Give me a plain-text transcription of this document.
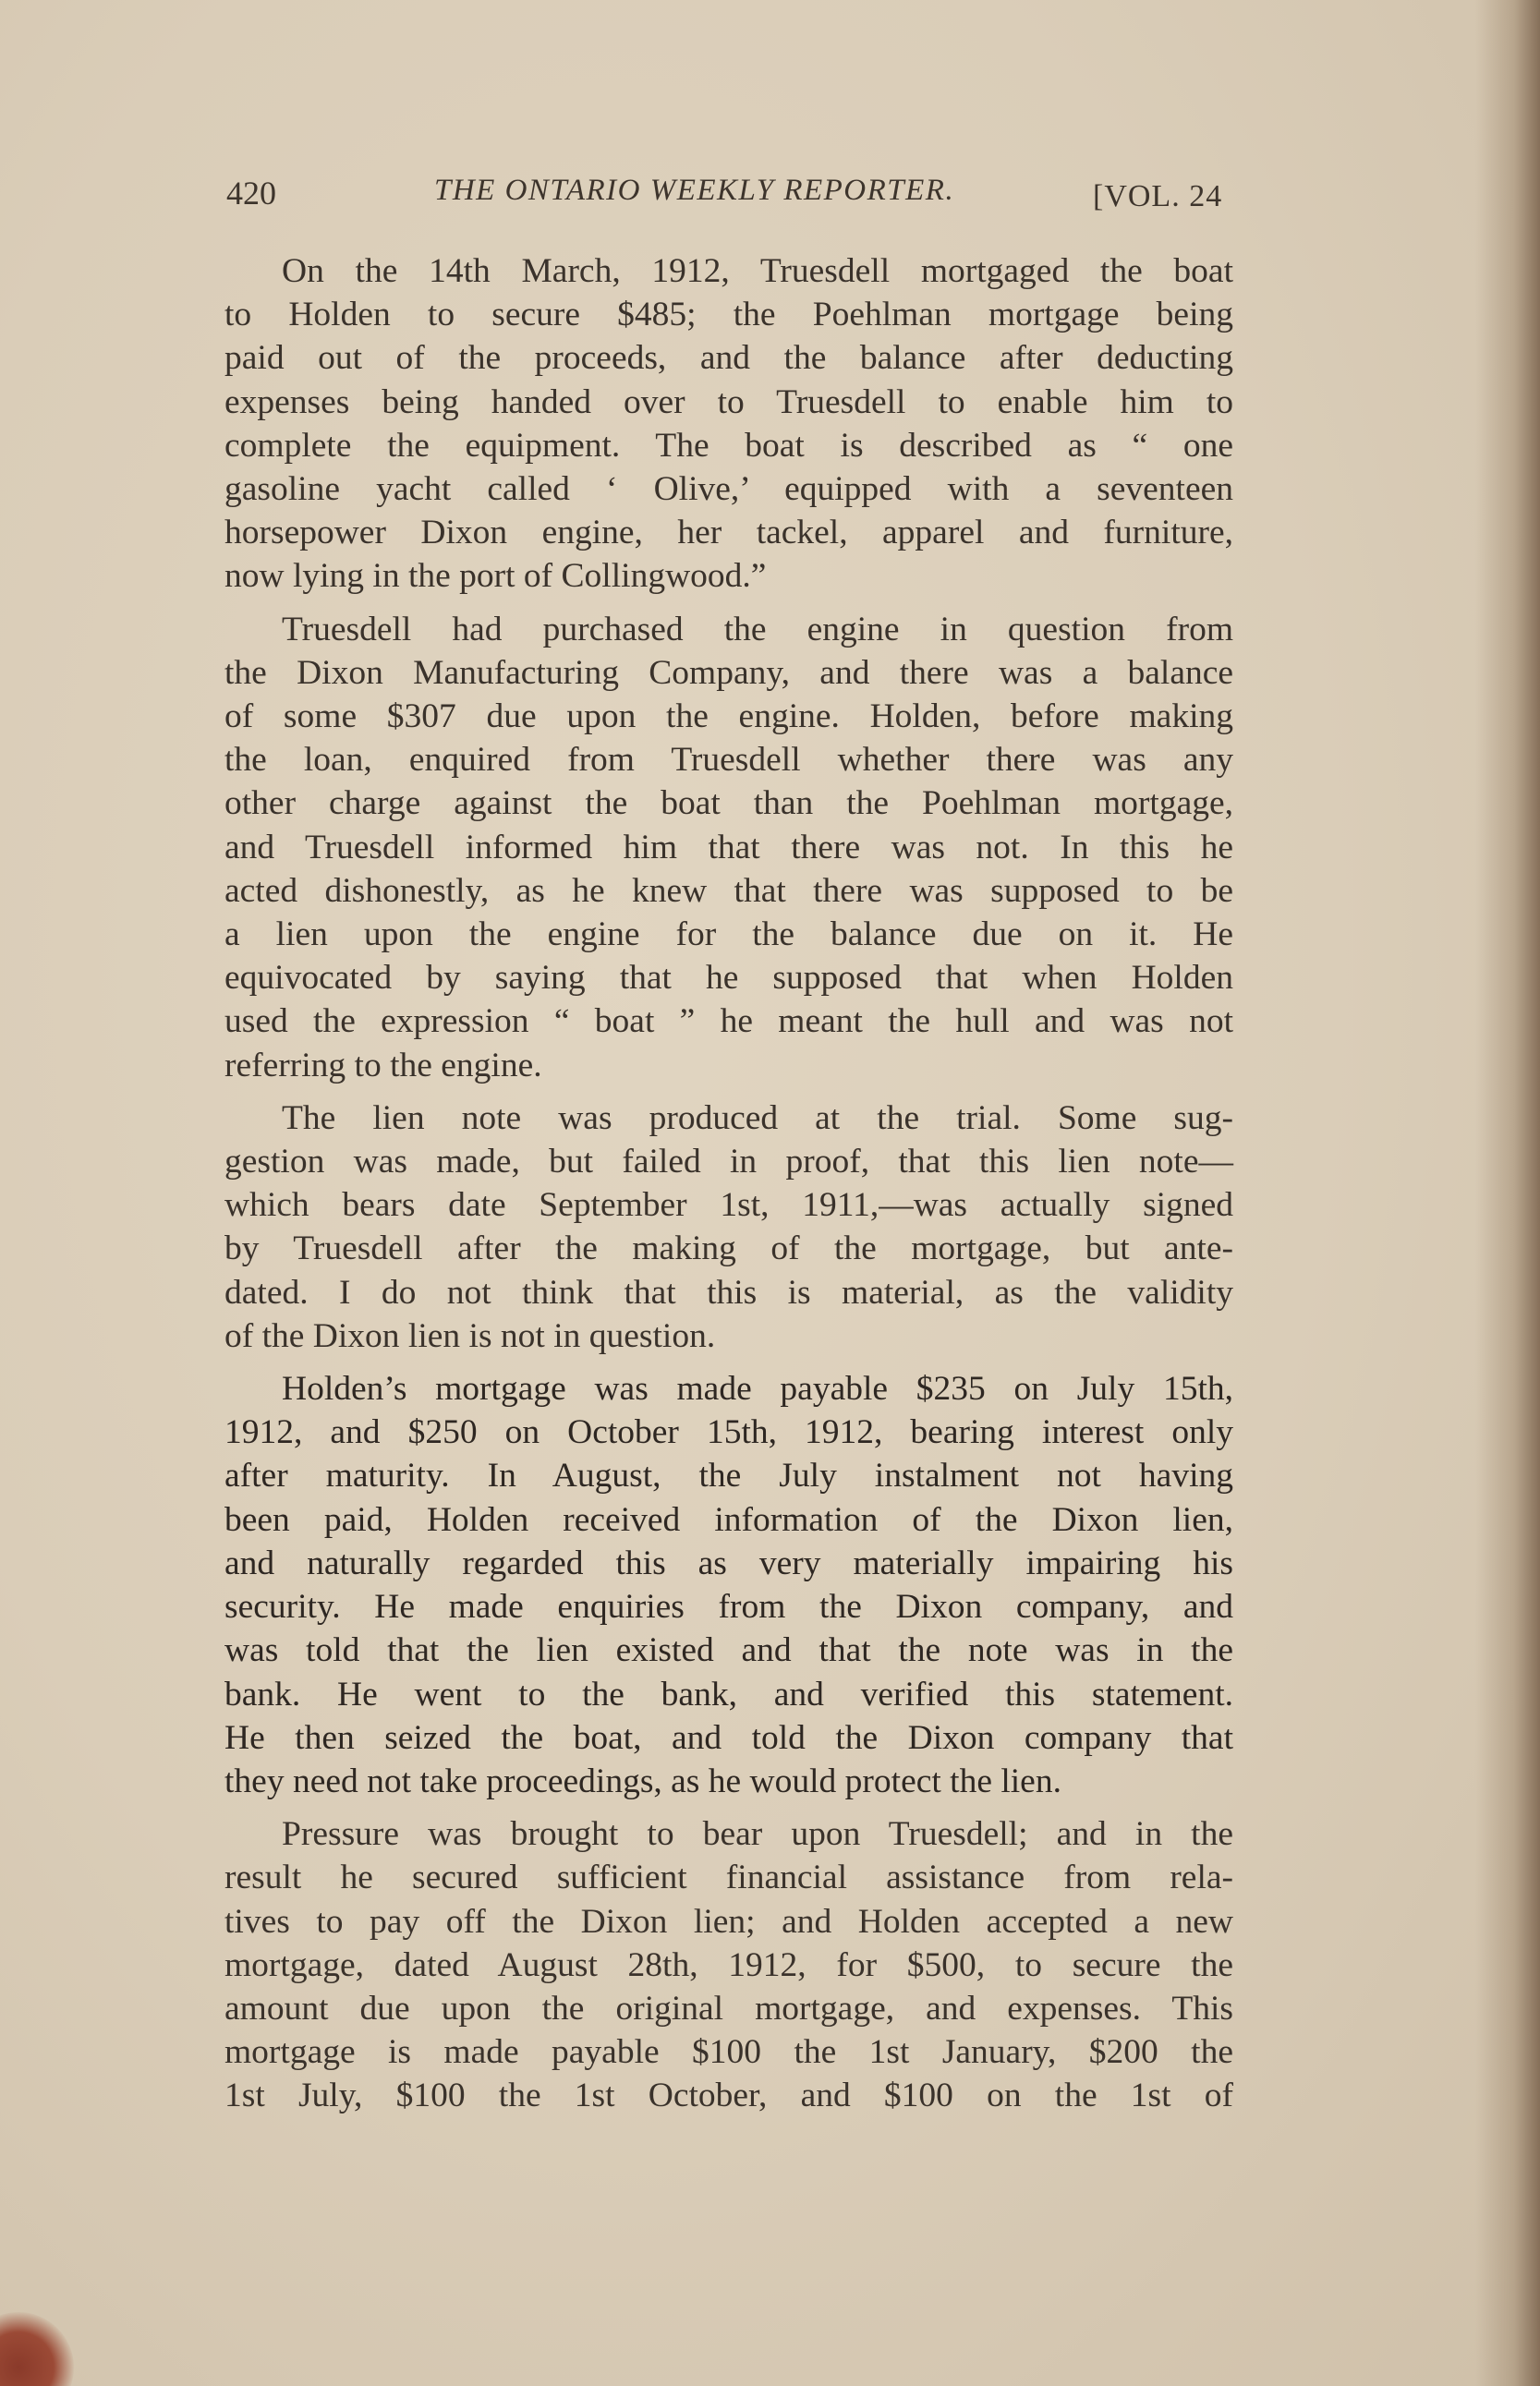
420	THE ONTARIO WEEKLY REPORTER.	[VOL. 24
On the 14th March, 1912, Truesdell mortgaged the boat
to Holden to secure $485; the Poehlman mortgage being
paid out of the proceeds, and the balance after deducting
expenses being handed over to Truesdell to enable him to
complete the equipment. The boat is described as “ one
gasoline yacht called ‘ Olive,’ equipped with a seventeen
horsepower Dixon engine, her tackel, apparel and furniture,
now lying in the port of Collingwood.”
Truesdell had purchased the engine in question from
the Dixon Manufacturing Company, and there was a balance
of some $307 due upon the engine. Holden, before making
the loan, enquired from Truesdell whether there was any
other charge against the boat than the Poehlman mortgage,
and Truesdell informed him that there was not. In this he
acted dishonestly, as he knew that there was supposed to be
a lien upon the engine for the balance due on it. He
equivocated by saying that he supposed that when Holden
used the expression “ boat ” he meant the hull and was not
referring to the engine.
The lien note was produced at the trial. Some sug-
gestion was made, but failed in proof, that this lien note—
which bears date September 1st, 1911,—was actually signed
by Truesdell after the making of the mortgage, but ante-
dated. I do not think that this is material, as the validity
of the Dixon lien is not in question.
Holden’s mortgage was made payable $235 on July 15th,
1912, and $250 on October 15th, 1912, bearing interest only
after maturity. In August, the July instalment not having
been paid, Holden received information of the Dixon lien,
and naturally regarded this as very materially impairing his
security. He made enquiries from the Dixon company, and
was told that the lien existed and that the note was in the
bank. He went to the bank, and verified this statement.
He then seized the boat, and told the Dixon company that
they need not take proceedings, as he would protect the lien.
Pressure was brought to bear upon Truesdell; and in the
result he secured sufficient financial assistance from rela-
tives to pay off the Dixon lien; and Holden accepted a new
mortgage, dated August 28th, 1912, for $500, to secure the
amount due upon the original mortgage, and expenses. This
mortgage is made payable $100 the 1st January, $200 the
1st July, $100 the 1st October, and $100 on the 1st of
